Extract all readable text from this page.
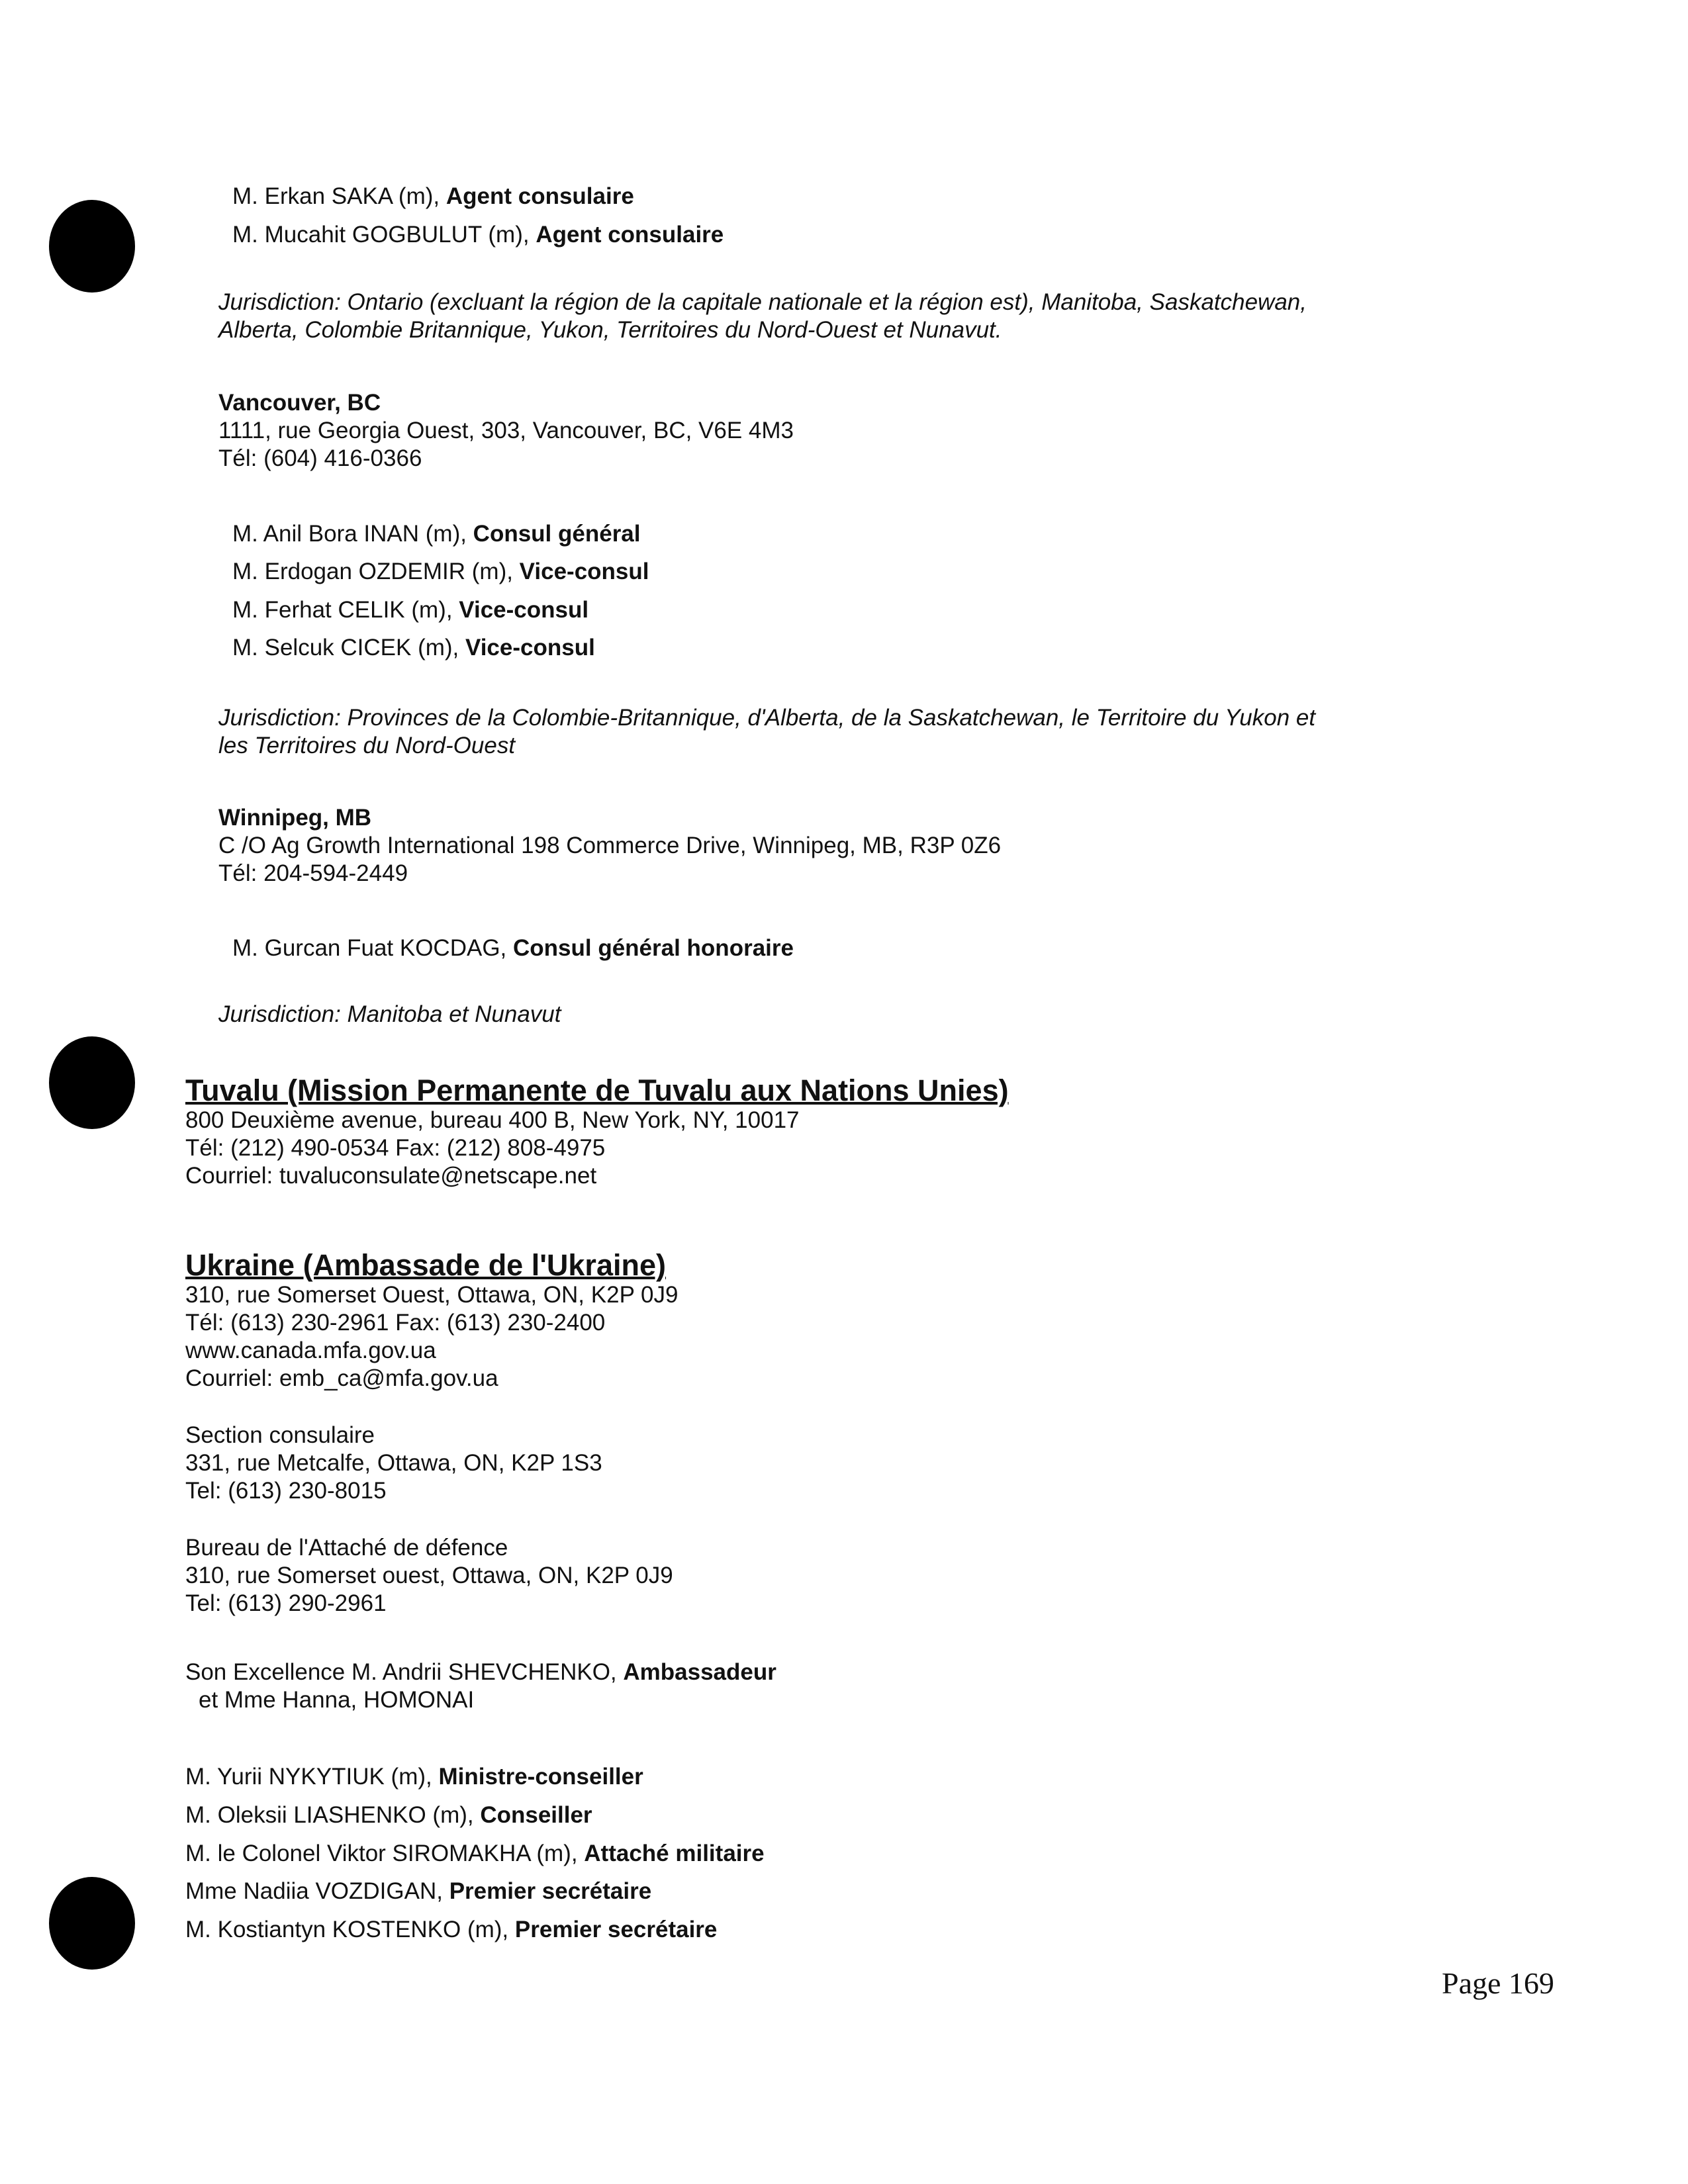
M. Erkan SAKA (m), Agent consulaire
M. Mucahit GOGBULUT (m), Agent consulaire
Jurisdiction: Ontario (excluant la région de la capitale nationale et la région est), Manitoba, Saskatchewan,
Alberta, Colombie Britannique, Yukon, Territoires du Nord-Ouest et Nunavut.
Vancouver, BC
1111, rue Georgia Ouest, 303, Vancouver, BC, V6E 4M3
Tél: (604) 416-0366
M. Anil Bora INAN (m), Consul général
M. Erdogan OZDEMIR (m), Vice-consul
M. Ferhat CELIK (m), Vice-consul
M. Selcuk CICEK (m), Vice-consul
Jurisdiction: Provinces de la Colombie-Britannique, d'Alberta, de la Saskatchewan, le Territoire du Yukon et
les Territoires du Nord-Ouest
Winnipeg, MB
C /O Ag Growth International 198 Commerce Drive, Winnipeg, MB, R3P 0Z6
Tél: 204-594-2449
M. Gurcan Fuat KOCDAG, Consul général honoraire
Jurisdiction: Manitoba et Nunavut
Tuvalu (Mission Permanente de Tuvalu aux Nations Unies)
800 Deuxième avenue, bureau 400 B, New York, NY, 10017
Tél: (212) 490-0534 Fax: (212) 808-4975
Courriel: tuvaluconsulate@netscape.net
Ukraine (Ambassade de l'Ukraine)
310, rue Somerset Ouest, Ottawa, ON, K2P 0J9
Tél: (613) 230-2961 Fax: (613) 230-2400
www.canada.mfa.gov.ua
Courriel: emb_ca@mfa.gov.ua
Section consulaire
331, rue Metcalfe, Ottawa, ON, K2P 1S3
Tel: (613) 230-8015
Bureau de l'Attaché de défence
310, rue Somerset ouest, Ottawa, ON, K2P 0J9
Tel: (613) 290-2961
Son Excellence M. Andrii SHEVCHENKO, Ambassadeur
et Mme Hanna, HOMONAI
M. Yurii NYKYTIUK (m), Ministre-conseiller
M. Oleksii LIASHENKO (m), Conseiller
M. le Colonel Viktor SIROMAKHA (m), Attaché militaire
Mme Nadiia VOZDIGAN, Premier secrétaire
M. Kostiantyn KOSTENKO (m), Premier secrétaire
Page 169
